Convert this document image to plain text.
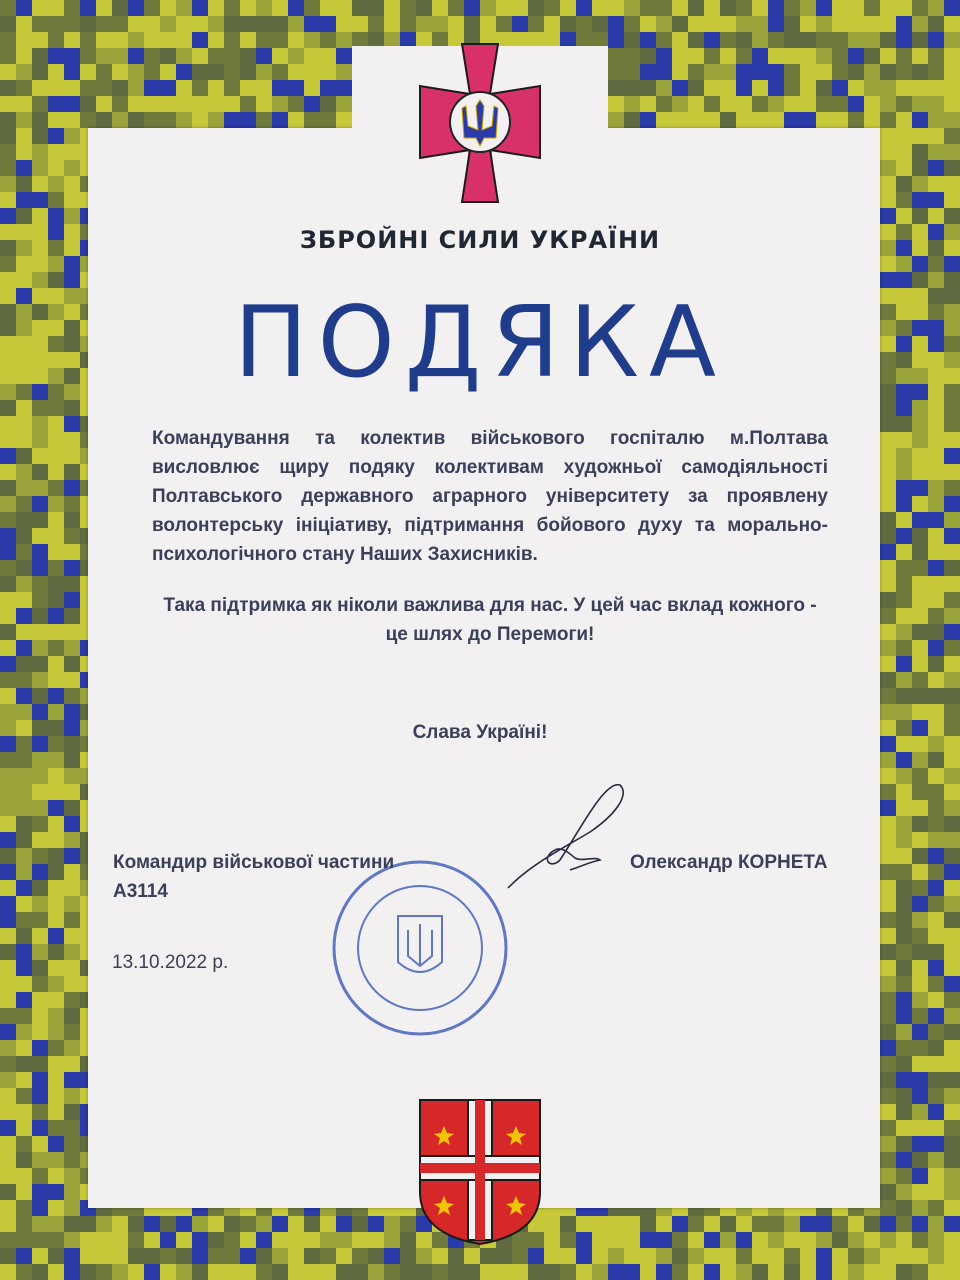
ЗБРОЙНІ СИЛИ УКРАЇНИ
ПОДЯКА
Командування та колектив військового госпіталю м.Полтава висловлює щиру подяку колективам художньої самодіяльності Полтавського державного аграрного університету за проявлену волонтерську ініціативу, підтримання бойового духу та морально-психологічного стану Наших Захисників.
Така підтримка як ніколи важлива для нас. У цей час вклад кожного - це шлях до Перемоги!
Слава Україні!
Командир військової частини А3114
Олександр КОРНЕТА
13.10.2022 р.
